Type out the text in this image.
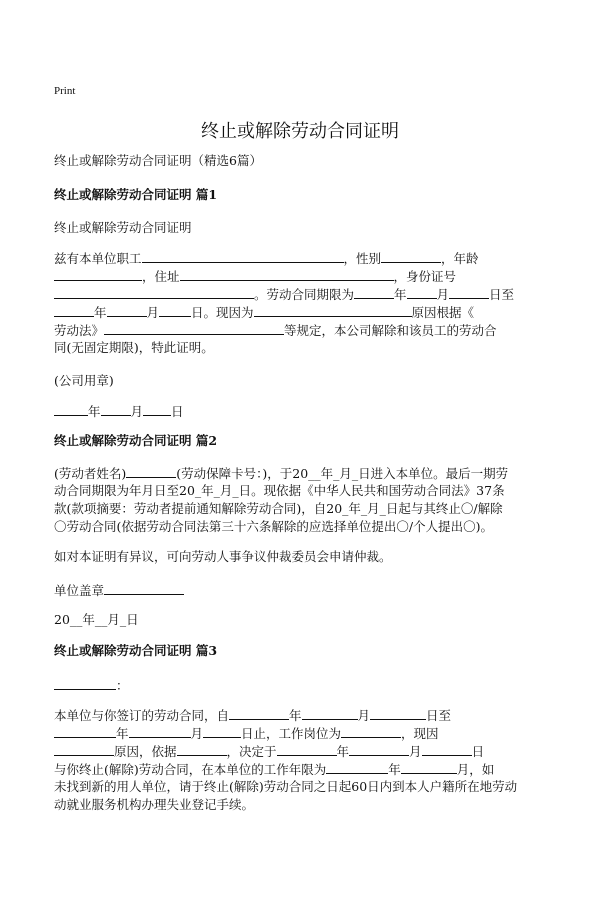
Print
终止或解除劳动合同证明
终止或解除劳动合同证明（精选6篇）
终止或解除劳动合同证明 篇1
终止或解除劳动合同证明
兹有本单位职工	，性别	，年龄
，住址	，身份证号
。劳动合同期限为	年 月	日至
年	月	日。现因为	原因根据《
劳动法》	等规定，本公司解除和该员工的劳动合
同(无固定期限)，特此证明。
(公司用章)
年 月 日
终止或解除劳动合同证明 篇2
(劳动者姓名)	(劳动保障卡号：)，于20__年_月_日进入本单位。最后一期劳
动合同期限为年月日至20_年_月_日。现依据《中华人民共和国劳动合同法》37条
款(款项摘要：劳动者提前通知解除劳动合同)，自20_年_月_日起与其终止〇/解除
〇劳动合同(依据劳动合同法第三十六条解除的应选择单位提出〇/个人提出〇)。
如对本证明有异议，可向劳动人事争议仲裁委员会申请仲裁。
单位盖章
20__年__月_日
终止或解除劳动合同证明 篇3
：
本单位与你签订的劳动合同，自	年	月	日至
年	月	日止，工作岗位为	，现因
原因，依据	，决定于	年	月	日
与你终止(解除)劳动合同，在本单位的工作年限为	年	月，如
未找到新的用人单位，请于终止(解除)劳动合同之日起60日内到本人户籍所在地劳动
动就业服务机构办理失业登记手续。
